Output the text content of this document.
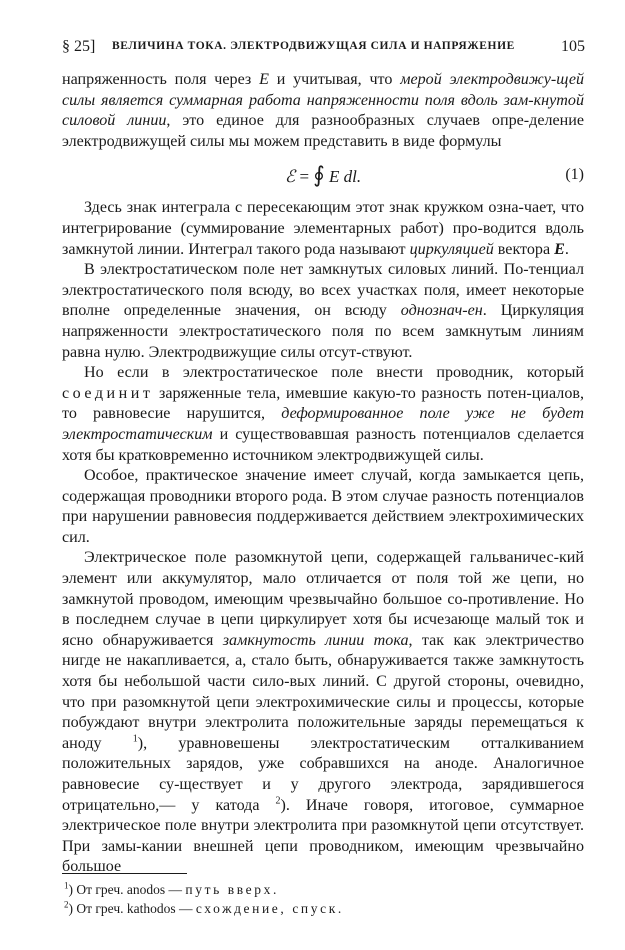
§ 25] ВЕЛИЧИНА ТОКА. ЭЛЕКТРОДВИЖУЩАЯ СИЛА И НАПРЯЖЕНИЕ	105

напряженность поля через E и учитывая, что мерой электродвижу-щей силы является суммарная работа напряженности поля вдоль зам-кнутой силовой линии, это единое для разнообразных случаев опре-деление электродвижущей силы мы можем представить в виде формулы

ℰ = ∮ E dl.	(1)

Здесь знак интеграла с пересекающим этот знак кружком озна-чает, что интегрирование (суммирование элементарных работ) про-водится вдоль замкнутой линии. Интеграл такого рода называют циркуляцией вектора E.

В электростатическом поле нет замкнутых силовых линий. По-тенциал электростатического поля всюду, во всех участках поля, имеет некоторые вполне определенные значения, он всюду однознач-ен. Циркуляция напряженности электростатического поля по всем замкнутым линиям равна нулю. Электродвижущие силы отсут-ствуют.

Но если в электростатическое поле внести проводник, который соединит заряженные тела, имевшие какую-то разность потен-циалов, то равновесие нарушится, деформированное поле уже не будет электростатическим и существовавшая разность потенциалов сделается хотя бы кратковременно источником электродвижущей силы.

Особое, практическое значение имеет случай, когда замыкается цепь, содержащая проводники второго рода. В этом случае разность потенциалов при нарушении равновесия поддерживается действием электрохимических сил.

Электрическое поле разомкнутой цепи, содержащей гальваничес-кий элемент или аккумулятор, мало отличается от поля той же цепи, но замкнутой проводом, имеющим чрезвычайно большое со-противление. Но в последнем случае в цепи циркулирует хотя бы исчезающе малый ток и ясно обнаруживается замкнутость линии тока, так как электричество нигде не накапливается, а, стало быть, обнаруживается также замкнутость хотя бы небольшой части сило-вых линий. С другой стороны, очевидно, что при разомкнутой цепи электрохимические силы и процессы, которые побуждают внутри электролита положительные заряды перемещаться к аноду $^1$), уравновешены электростатическим отталкиванием положительных зарядов, уже собравшихся на аноде. Аналогичное равновесие су-ществует и у другого электрода, зарядившегося отрицательно,— у катода $^2$). Иначе говоря, итоговое, суммарное электрическое поле внутри электролита при разомкнутой цепи отсутствует. При замы-кании внешней цепи проводником, имеющим чрезвычайно большое

$^1$) От греч. anodos — путь вверх.
$^2$) От греч. kathodos — схождение, спуск.
